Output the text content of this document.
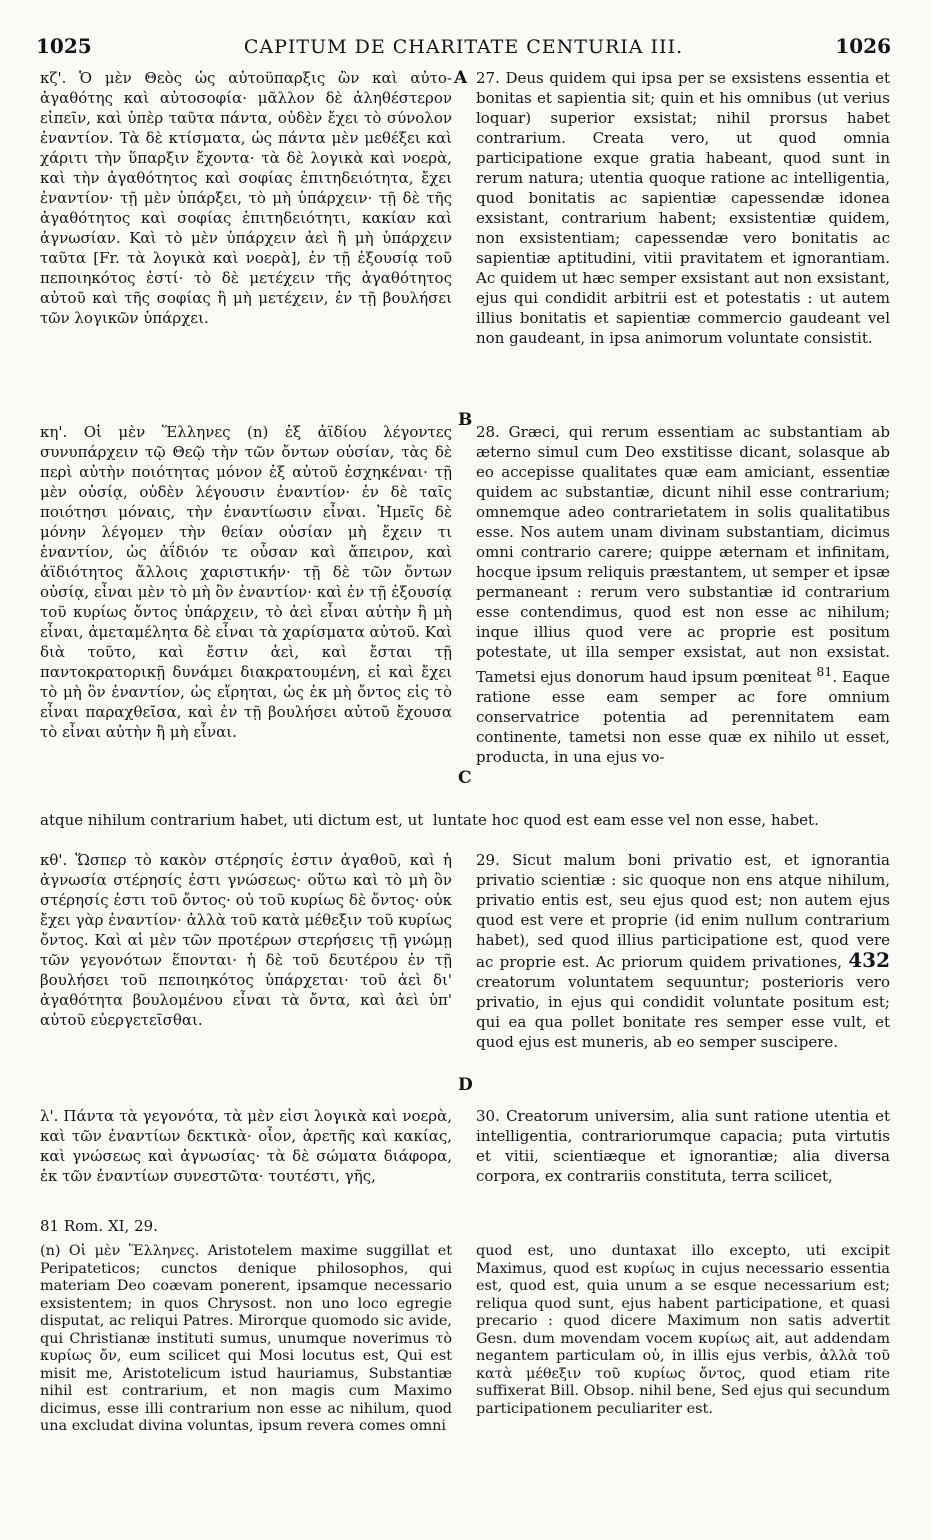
1025	CAPITUM DE CHARITATE CENTURIA III.	1026

κζ'. Ὁ μὲν Θεὸς ὡς αὐτοϋπαρξις ὢν καὶ αὐτο-ἀγαθότης καὶ αὐτοσοφία· μᾶλλον δὲ ἀληθέστερον εἰπεῖν, καὶ ὑπὲρ ταῦτα πάντα, οὐδὲν ἔχει τὸ σύνολον ἐναντίον. Τὰ δὲ κτίσματα, ὡς πάντα μὲν μεθέξει καὶ χάριτι τὴν ὕπαρξιν ἔχοντα· τὰ δὲ λογικὰ καὶ νοερὰ, καὶ τὴν ἀγαθότητος καὶ σοφίας ἐπιτηδειότητα, ἔχει ἐναντίον· τῇ μὲν ὑπάρξει, τὸ μὴ ὑπάρχειν· τῇ δὲ τῆς ἀγαθότητος καὶ σοφίας ἐπιτηδειότητι, κακίαν καὶ ἀγνωσίαν. Καὶ τὸ μὲν ὑπάρχειν ἀεὶ ἢ μὴ ὑπάρχειν ταῦτα [Fr. τὰ λογικὰ καὶ νοερὰ], ἐν τῇ ἐξουσίᾳ τοῦ πεποιηκότος ἐστί· τὸ δὲ μετέχειν τῆς ἀγαθότητος αὐτοῦ καὶ τῆς σοφίας ἢ μὴ μετέχειν, ἐν τῇ βουλήσει τῶν λογικῶν ὑπάρχει.

κη'. Οἱ μὲν Ἕλληνες (n) ἐξ ἀϊδίου λέγοντες συνυπάρχειν τῷ Θεῷ τὴν τῶν ὄντων οὐσίαν, τὰς δὲ περὶ αὐτὴν ποιότητας μόνον ἐξ αὐτοῦ ἐσχηκέναι· τῇ μὲν οὐσίᾳ, οὐδὲν λέγουσιν ἐναντίον· ἐν δὲ ταῖς ποιότησι μόναις, τὴν ἐναντίωσιν εἶναι. Ἡμεῖς δὲ μόνην λέγομεν τὴν θείαν οὐσίαν μὴ ἔχειν τι ἐναντίον, ὡς ἀΐδιόν τε οὖσαν καὶ ἄπειρον, καὶ ἀϊδιότητος ἄλλοις χαριστικήν· τῇ δὲ τῶν ὄντων οὐσίᾳ, εἶναι μὲν τὸ μὴ ὂν ἐναντίον· καὶ ἐν τῇ ἐξουσίᾳ τοῦ κυρίως ὄντος ὑπάρχειν, τὸ ἀεὶ εἶναι αὐτὴν ἢ μὴ εἶναι, ἀμεταμέλητα δὲ εἶναι τὰ χαρίσματα αὐτοῦ. Καὶ διὰ τοῦτο, καὶ ἔστιν ἀεὶ, καὶ ἔσται τῇ παντοκρατορικῇ δυνάμει διακρατουμένη, εἰ καὶ ἔχει τὸ μὴ ὂν ἐναντίον, ὡς εἴρηται, ὡς ἐκ μὴ ὄντος εἰς τὸ εἶναι παραχθεῖσα, καὶ ἐν τῇ βουλήσει αὐτοῦ ἔχουσα τὸ εἶναι αὐτὴν ἢ μὴ εἶναι.

κθ'. Ὥσπερ τὸ κακὸν στέρησίς ἐστιν ἀγαθοῦ, καὶ ἡ ἀγνωσία στέρησίς ἐστι γνώσεως· οὕτω καὶ τὸ μὴ ὂν στέρησίς ἐστι τοῦ ὄντος· οὐ τοῦ κυρίως δὲ ὄντος· οὐκ ἔχει γὰρ ἐναντίον· ἀλλὰ τοῦ κατὰ μέθεξιν τοῦ κυρίως ὄντος. Καὶ αἱ μὲν τῶν προτέρων στερήσεις τῇ γνώμῃ τῶν γεγονότων ἕπονται· ἡ δὲ τοῦ δευτέρου ἐν τῇ βουλήσει τοῦ πεποιηκότος ὑπάρχεται· τοῦ ἀεὶ δι' ἀγαθότητα βουλομένου εἶναι τὰ ὄντα, καὶ ἀεὶ ὑπ' αὐτοῦ εὐεργετεῖσθαι.

λ'. Πάντα τὰ γεγονότα, τὰ μὲν εἰσι λογικὰ καὶ νοερὰ, καὶ τῶν ἐναντίων δεκτικὰ· οἷον, ἀρετῆς καὶ κακίας, καὶ γνώσεως καὶ ἀγνωσίας· τὰ δὲ σώματα διάφορα, ἐκ τῶν ἐναντίων συνεστῶτα· τουτέστι, γῆς,

27. Deus quidem qui ipsa per se exsistens essentia et bonitas et sapientia sit; quin et his omnibus (ut verius loquar) superior exsistat; nihil prorsus habet contrarium. Creata vero, ut quod omnia participatione exque gratia habeant, quod sunt in rerum natura; utentia quoque ratione ac intelligentia, quod bonitatis ac sapientiæ capessendæ idonea exsistant, contrarium habent; exsistentiæ quidem, non exsistentiam; capessendæ vero bonitatis ac sapientiæ aptitudini, vitii pravitatem et ignorantiam. Ac quidem ut hæc semper exsistant aut non exsistant, ejus qui condidit arbitrii est et potestatis : ut autem illius bonitatis et sapientiæ commercio gaudeant vel non gaudeant, in ipsa animorum voluntate consistit.

28. Græci, qui rerum essentiam ac substantiam ab æterno simul cum Deo exstitisse dicant, solasque ab eo accepisse qualitates quæ eam amiciant, essentiæ quidem ac substantiæ, dicunt nihil esse contrarium; omnemque adeo contrarietatem in solis qualitatibus esse. Nos autem unam divinam substantiam, dicimus omni contrario carere; quippe æternam et infinitam, hocque ipsum reliquis præstantem, ut semper et ipsæ permaneant : rerum vero substantiæ id contrarium esse contendimus, quod est non esse ac nihilum; inque illius quod vere ac proprie est positum potestate, ut illa semper exsistat, aut non exsistat. Tametsi ejus donorum haud ipsum pœniteat $^{81}$. Eaque ratione esse eam semper ac fore omnium conservatrice potentia ad perennitatem eam continente, tametsi non esse quæ ex nihilo ut esset, producta, in una ejus vo-

atque nihilum contrarium habet, uti dictum est, ut luntate hoc quod est eam esse vel non esse, habet.

29. Sicut malum boni privatio est, et ignorantia privatio scientiæ : sic quoque non ens atque nihilum, privatio entis est, seu ejus quod est; non autem ejus quod est vere et proprie (id enim nullum contrarium habet), sed quod illius participatione est, quod vere ac proprie est. Ac priorum quidem privationes, 432 creatorum voluntatem sequuntur; posterioris vero privatio, in ejus qui condidit voluntate positum est; qui ea qua pollet bonitate res semper esse vult, et quod ejus est muneris, ab eo semper suscipere.

30. Creatorum universim, alia sunt ratione utentia et intelligentia, contrariorumque capacia; puta virtutis et vitii, scientiæque et ignorantiæ; alia diversa corpora, ex contrariis constituta, terra scilicet,

A
B
C
D

81 Rom. XI, 29.

(n) Οἱ μὲν Ἕλληνες. Aristotelem maxime suggillat et Peripateticos; cunctos denique philosophos, qui materiam Deo coævam ponerent, ipsamque necessario exsistentem; in quos Chrysost. non uno loco egregie disputat, ac reliqui Patres. Mirorque quomodo sic avide, qui Christianæ instituti sumus, unumque noverimus τὸ κυρίως ὄν, eum scilicet qui Mosi locutus est, Qui est misit me, Aristotelicum istud hauriamus, Substantiæ nihil est contrarium, et non magis cum Maximo dicimus, esse illi contrarium non esse ac nihilum, quod una excludat divina voluntas, ipsum revera comes omni

quod est, uno duntaxat illo excepto, uti excipit Maximus, quod est κυρίως in cujus necessario essentia est, quod est, quia unum a se esque necessarium est; reliqua quod sunt, ejus habent participatione, et quasi precario : quod dicere Maximum non satis advertit Gesn. dum movendam vocem κυρίως ait, aut addendam negantem particulam οὐ, in illis ejus verbis, ἀλλὰ τοῦ κατὰ μέθεξιν τοῦ κυρίως ὄντος, quod etiam rite suffixerat Bill. Obsop. nihil bene, Sed ejus qui secundum participationem peculiariter est.
